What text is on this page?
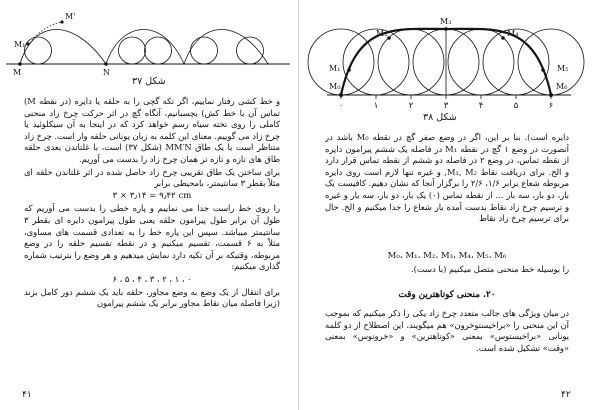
M'
M₁
M	N
شکل ۳۷

و خط کشی رفتار نماییم، اگر تکه گچی را به حلقه یا دایره (در نقطه M) تماس آن با خط کش) بچسبانیم، آنگاه گچ در اثر حرکت چرخ زاد منحنی کاملی را روی تخته سیاه رسم خواهد کرد که در اینجا به آن سیکلوئید یا چرخ زاد می گوییم. معنای این کلمه به زبان یونانی حلقه وار است. چرخ زاد متناظر است با یک طاق ‎MM′N‎ (شکل ۳۷) است، با غلتاندن بعدی حلقه طاق های تازه و تازه تر همان چرخ زاد را بدست می آوریم.

برای ساختن یک طاق تقریبی چرخ زاد حاصل شده در اثر غلتاندن حلقه ای مثلاً بقطر ۳ سانتیمتر، بامحیطی برابر

۳ × ۳٫۱۴ = ۹٫۴۲ cm

را روی خط راست جدا می نماییم و پاره خطی را بدست می آوریم که طول آن برابر طول پیرامون حلقه یعنی طول پیرامون دایره ای بقطر ۳ سانتیمتر میباشد. سپس این پاره خط را به تعدادی قسمت های مساوی، مثلاً به ۶ قسمت، تقسیم میکنیم و در نقطه تقسیم حلقه را در وضع مربوطه، وقتیکه بر آن تکیه دارد نمایش میدهیم و هر وضع را بترتیب شماره گذاری میکنیم:

۰ ، ۱ ، ۲ ، ۳ ، ۴ ، ۵ ، ۶

برای انتقال از یک وضع به وضع مجاور، حلقه باید یک ششم دور کامل بزند (زیرا فاصله میان نقاط مجاور برابر یک ششم پیرامون

۴۱
M₃
M₂	M₄
M₁	M₅
M₀	M₆
۰	۱	۲	۳	۴	۵	۶
شکل ۳۸

دایره است). بنا بر این، اگر در وضع صفر گچ در نقطه M₀ باشد در آنصورت در وضع ۱ گچ در نقطه M₁ در فاصله یک ششم پیرامون دایره از نقطه تماس، در وضع ۲ در فاصله دو ششم از نقطه تماس قرار دارد و الخ. برای دریافت نقاط M₁, M₂, و غیره تنها لازم است روی دایره مربوطه شعاع برابر ۱/۶، ۲/۶ را برگزار آنجا که نشان دهیم. کافیست یک بار، دو بار، سه بار ... از نقطه تماس (۰) یک بار، دو بار، سه بار و غیره و ترسیم چرخ زاد نقاط بدست آمده بار شعاع را جدا میکنیم و الخ. حال برای ترسیم چرخ زاد نقاط

M₀، M₁، M₂، M₃، M₄، M₅، M₆

را بوسیله خط منحنی متصل میکنیم (با دست).

۲۰. منحنی کوتاهترین وقت

در میان ویژگی های جالب متعدد چرخ زاد یکی را ذکر میکنیم که بموجب آن این منحنی را «براخیستوخرون» هم میگویند، این اصطلاح از دو کلمه یونانی «براخیستوس» بمعنی «کوتاهترین» و «خرونوس» بمعنی «وقت» تشکیل شده است.

۴۲
